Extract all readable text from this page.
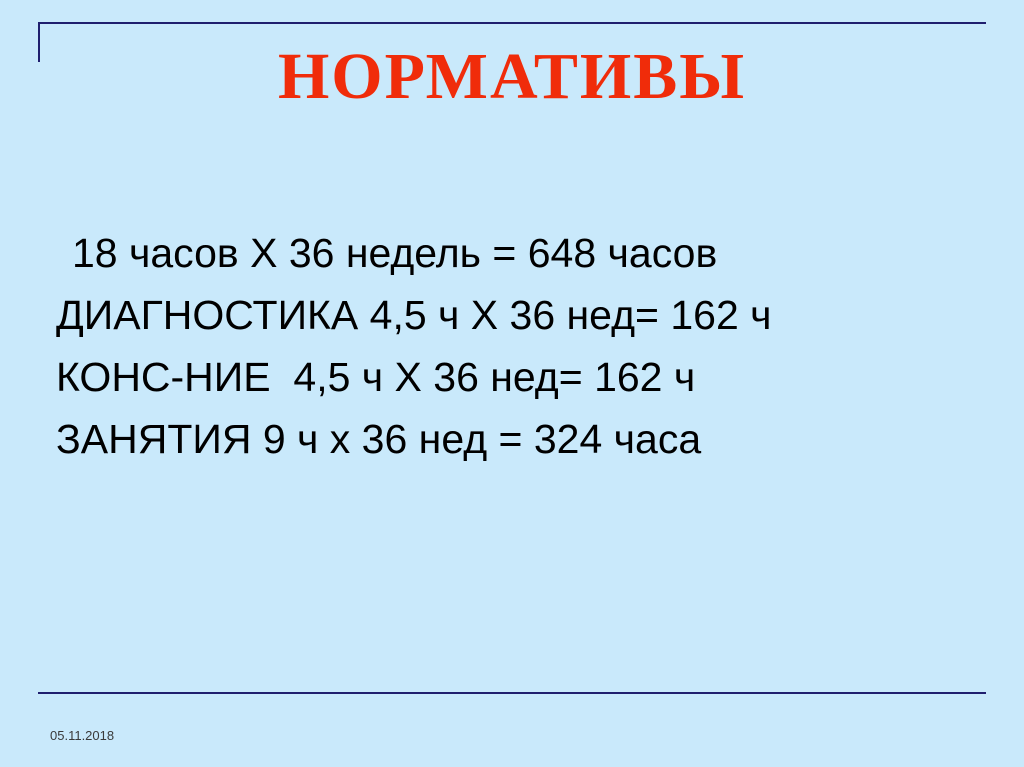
НОРМАТИВЫ
18 часов Х 36 недель = 648 часов
ДИАГНОСТИКА 4,5 ч Х 36 нед= 162 ч
КОНС-НИЕ  4,5 ч Х 36 нед= 162 ч
ЗАНЯТИЯ 9 ч х 36 нед = 324 часа
05.11.2018
